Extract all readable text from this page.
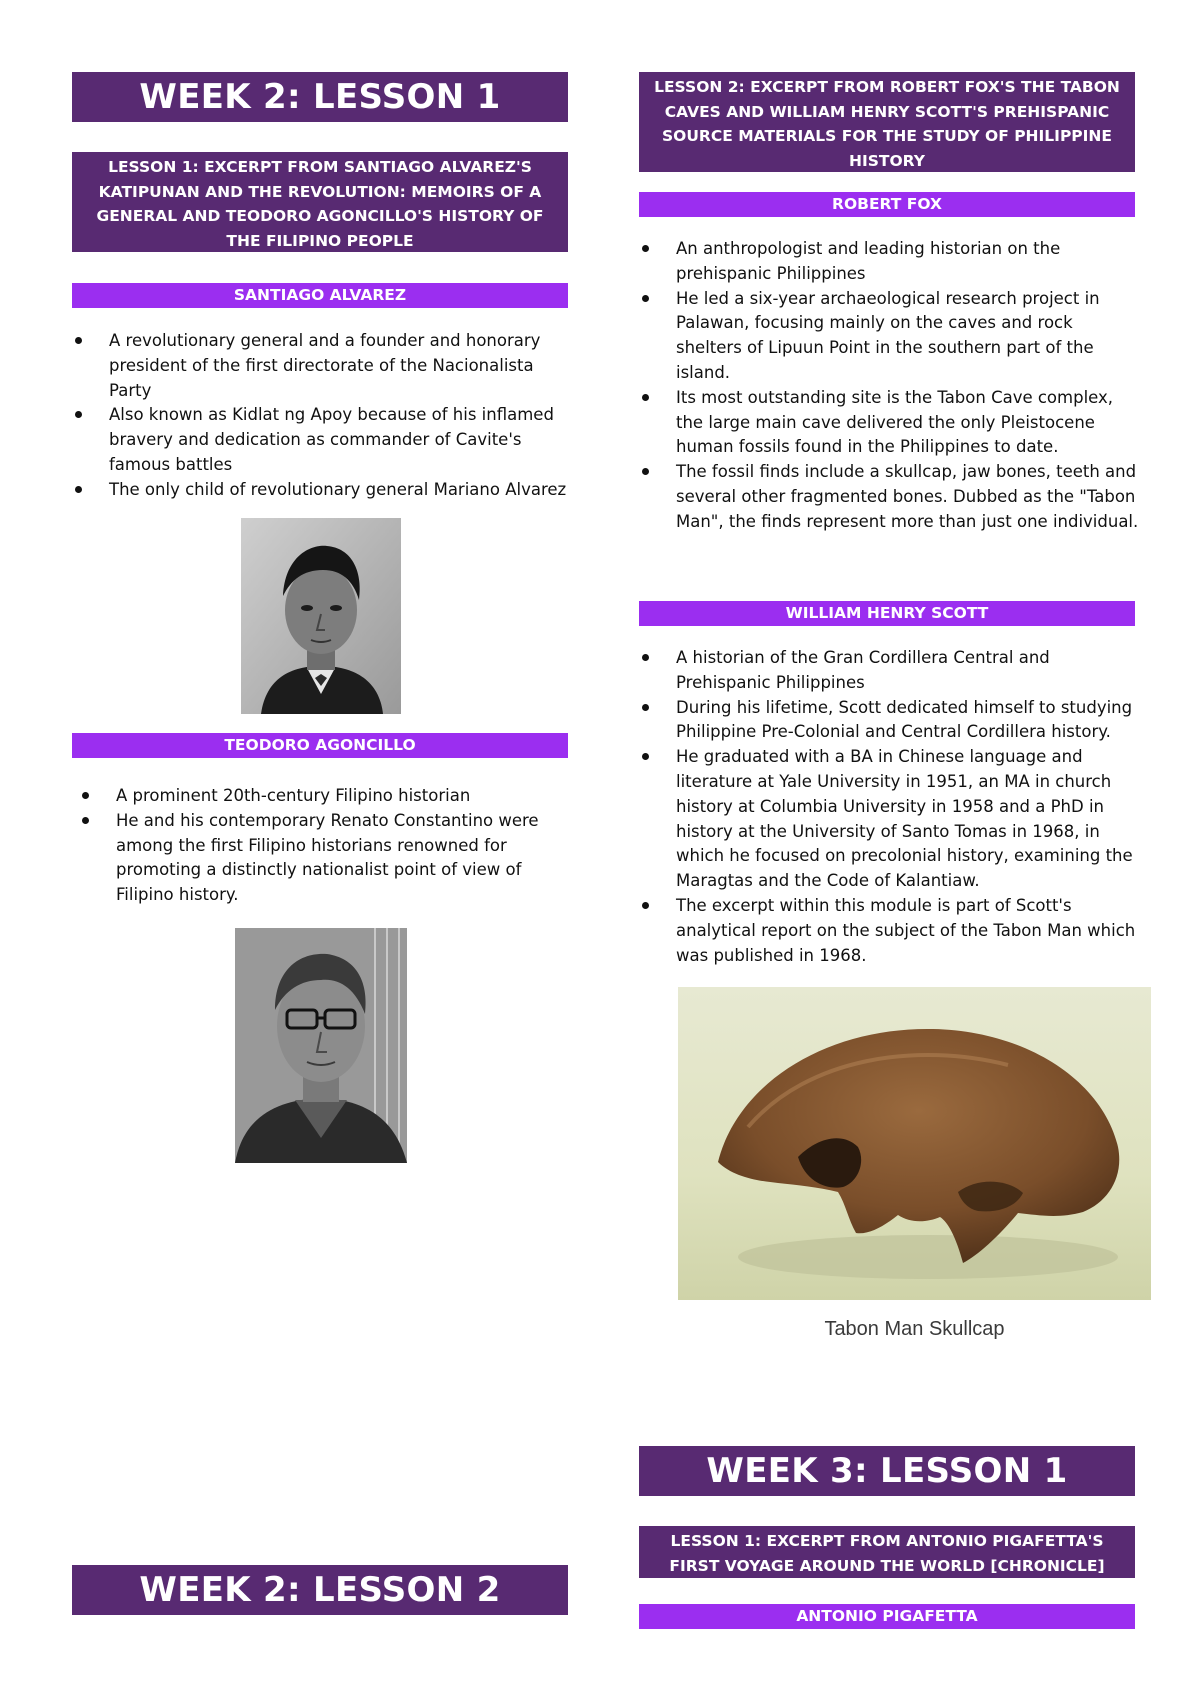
WEEK 2: LESSON 1
LESSON 1: EXCERPT FROM SANTIAGO ALVAREZ'S KATIPUNAN AND THE REVOLUTION: MEMOIRS OF A GENERAL AND TEODORO AGONCILLO'S HISTORY OF THE FILIPINO PEOPLE
SANTIAGO ALVAREZ
A revolutionary general and a founder and honorary president of the first directorate of the Nacionalista Party
Also known as Kidlat ng Apoy because of his inflamed bravery and dedication as commander of Cavite's famous battles
The only child of revolutionary general Mariano Alvarez
TEODORO AGONCILLO
A prominent 20th-century Filipino historian
He and his contemporary Renato Constantino were among the first Filipino historians renowned for promoting a distinctly nationalist point of view of Filipino history.
WEEK 2: LESSON 2
LESSON 2: EXCERPT FROM ROBERT FOX'S THE TABON CAVES AND WILLIAM HENRY SCOTT'S PREHISPANIC SOURCE MATERIALS FOR THE STUDY OF PHILIPPINE HISTORY
ROBERT FOX
An anthropologist and leading historian on the prehispanic Philippines
He led a six-year archaeological research project in Palawan, focusing mainly on the caves and rock shelters of Lipuun Point in the southern part of the island.
Its most outstanding site is the Tabon Cave complex, the large main cave delivered the only Pleistocene human fossils found in the Philippines to date.
The fossil finds include a skullcap, jaw bones, teeth and several other fragmented bones. Dubbed as the "Tabon Man", the finds represent more than just one individual.
WILLIAM HENRY SCOTT
A historian of the Gran Cordillera Central and Prehispanic Philippines
During his lifetime, Scott dedicated himself to studying Philippine Pre-Colonial and Central Cordillera history.
He graduated with a BA in Chinese language and literature at Yale University in 1951, an MA in church history at Columbia University in 1958 and a PhD in history at the University of Santo Tomas in 1968, in which he focused on precolonial history, examining the Maragtas and the Code of Kalantiaw.
The excerpt within this module is part of Scott's analytical report on the subject of the Tabon Man which was published in 1968.
Tabon Man Skullcap
WEEK 3: LESSON 1
LESSON 1: EXCERPT FROM ANTONIO PIGAFETTA'S FIRST VOYAGE AROUND THE WORLD [CHRONICLE]
ANTONIO PIGAFETTA
